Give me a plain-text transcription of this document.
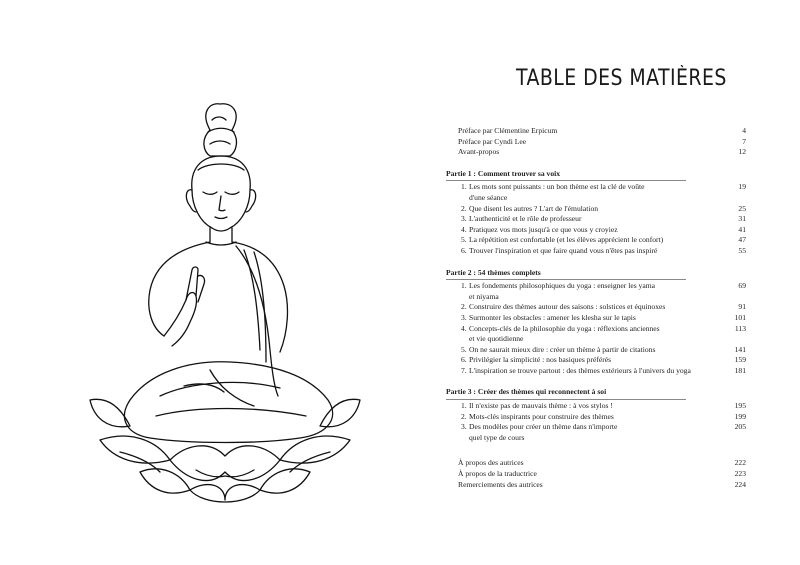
TABLE DES MATIÈRES
Préface par Clémentine Erpicum	4
Préface par Cyndi Lee	7
Avant-propos	12
Partie 1 : Comment trouver sa voix
1. Les mots sont puissants : un bon thème est la clé de voûte	19
d'une séance
2. Que disent les autres ? L'art de l'émulation	25
3. L'authenticité et le rôle de professeur	31
4. Pratiquez vos mots jusqu'à ce que vous y croyiez	41
5. La répétition est confortable (et les élèves apprécient le confort)	47
6. Trouver l'inspiration et que faire quand vous n'êtes pas inspiré	55
Partie 2 : 54 thèmes complets
1. Les fondements philosophiques du yoga : enseigner les yama	69
et niyama
2. Construire des thèmes autour des saisons : solstices et équinoxes	91
3. Surmonter les obstacles : amener les klesha sur le tapis	101
4. Concepts-clés de la philosophie du yoga : réflexions anciennes	113
et vie quotidienne
5. On ne saurait mieux dire : créer un thème à partir de citations	141
6. Privilégier la simplicité : nos basiques préférés	159
7. L'inspiration se trouve partout : des thèmes extérieurs à l'univers du yoga	181
Partie 3 : Créer des thèmes qui reconnectent à soi
1. Il n'existe pas de mauvais thème : à vos stylos !	195
2. Mots-clés inspirants pour construire des thèmes	199
3. Des modèles pour créer un thème dans n'importe	205
quel type de cours
À propos des autrices	222
À propos de la traductrice	223
Remerciements des autrices	224
